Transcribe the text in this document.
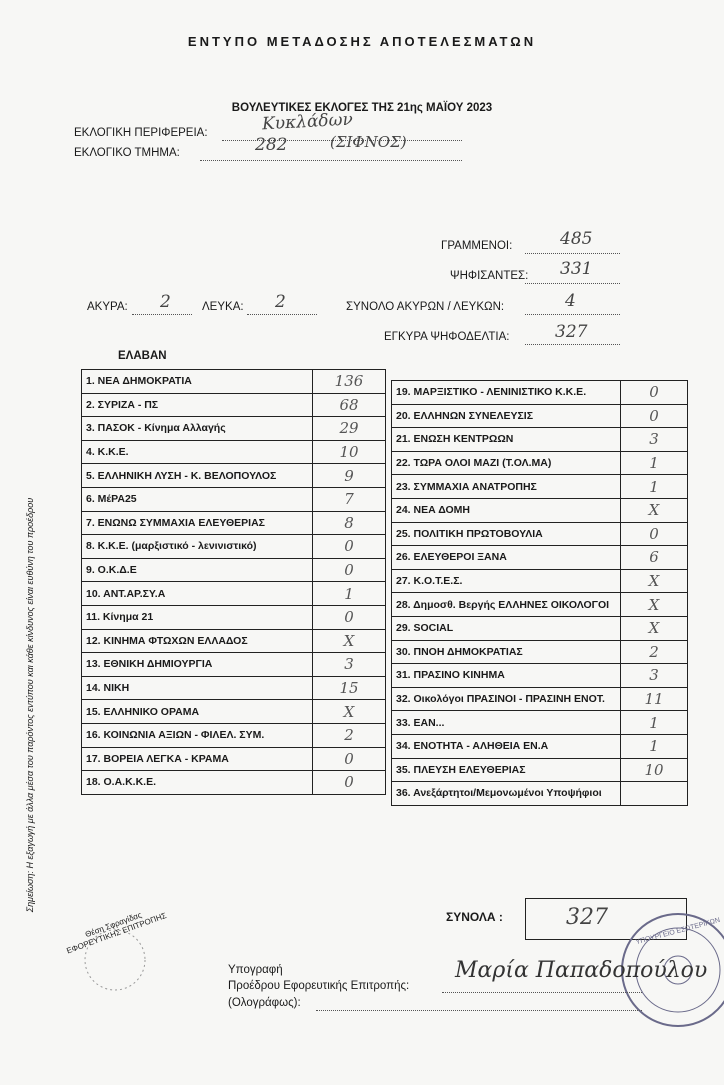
ΕΝΤΥΠΟ ΜΕΤΑΔΟΣΗΣ ΑΠΟΤΕΛΕΣΜΑΤΩΝ
ΒΟΥΛΕΥΤΙΚΕΣ ΕΚΛΟΓΕΣ ΤΗΣ 21ης ΜΑΪΟΥ 2023
ΕΚΛΟΓΙΚΗ ΠΕΡΙΦΕΡΕΙΑ:	Κυκλάδων
ΕΚΛΟΓΙΚΟ ΤΜΗΜΑ:	282	(ΣΙΦΝΟΣ)
ΓΡΑΜΜΕΝΟΙ:	485
ΨΗΦΙΣΑΝΤΕΣ: 331
ΑΚΥΡΑ: 2	ΛΕΥΚΑ: 2	ΣΥΝΟΛΟ ΑΚΥΡΩΝ / ΛΕΥΚΩΝ:	4
ΕΓΚΥΡΑ ΨΗΦΟΔΕΛΤΙΑ:	327
ΕΛΑΒΑΝ
1. ΝΕΑ ΔΗΜΟΚΡΑΤΙΑ	136
2. ΣΥΡΙΖΑ - ΠΣ	68
3. ΠΑΣΟΚ - Κίνημα Αλλαγής	29
4. Κ.Κ.Ε.	10
5. ΕΛΛΗΝΙΚΗ ΛΥΣΗ - Κ. ΒΕΛΟΠΟΥΛΟΣ	9
6. ΜέΡΑ25	7
7. ΕΝΩΝΩ ΣΥΜΜΑΧΙΑ ΕΛΕΥΘΕΡΙΑΣ	8
8. Κ.Κ.Ε. (μαρξιστικό - λενινιστικό)	0
9. Ο.Κ.Δ.Ε	0
10. ΑΝΤ.ΑΡ.ΣΥ.Α	1
11. Κίνημα 21	0
12. ΚΙΝΗΜΑ ΦΤΩΧΩΝ ΕΛΛΑΔΟΣ	X
13. ΕΘΝΙΚΗ ΔΗΜΙΟΥΡΓΙΑ	3
14. ΝΙΚΗ	15
15. ΕΛΛΗΝΙΚΟ ΟΡΑΜΑ	X
16. ΚΟΙΝΩΝΙΑ ΑΞΙΩΝ - ΦΙΛΕΛ. ΣΥΜ.	2
17. ΒΟΡΕΙΑ ΛΕΓΚΑ - ΚΡΑΜΑ	0
18. Ο.Α.Κ.Κ.Ε.	0
19. ΜΑΡΞΙΣΤΙΚΟ - ΛΕΝΙΝΙΣΤΙΚΟ Κ.Κ.Ε.	0
20. ΕΛΛΗΝΩΝ ΣΥΝΕΛΕΥΣΙΣ	0
21. ΕΝΩΣΗ ΚΕΝΤΡΩΩΝ	3
22. ΤΩΡΑ ΟΛΟΙ ΜΑΖΙ (Τ.ΟΛ.ΜΑ)	1
23. ΣΥΜΜΑΧΙΑ ΑΝΑΤΡΟΠΗΣ	1
24. ΝΕΑ ΔΟΜΗ	X
25. ΠΟΛΙΤΙΚΗ ΠΡΩΤΟΒΟΥΛΙΑ	0
26. ΕΛΕΥΘΕΡΟΙ ΞΑΝΑ	6
27. Κ.Ο.Τ.Ε.Σ.	X
28. Δημοσθ. Βεργής ΕΛΛΗΝΕΣ ΟΙΚΟΛΟΓΟΙ	X
29. SOCIAL	X
30. ΠΝΟΗ ΔΗΜΟΚΡΑΤΙΑΣ	2
31. ΠΡΑΣΙΝΟ ΚΙΝΗΜΑ	3
32. Οικολόγοι ΠΡΑΣΙΝΟΙ - ΠΡΑΣΙΝΗ ΕΝΟΤ.	11
33. ΕΑΝ...	1
34. ΕΝΟΤΗΤΑ - ΑΛΗΘΕΙΑ ΕΝ.Α	1
35. ΠΛΕΥΣΗ ΕΛΕΥΘΕΡΙΑΣ	10
36. Ανεξάρτητοι/Μεμονωμένοι Υποψήφιοι	
Σημείωση: Η εξαγωγή με άλλα μέσα του παρόντος εντύπου και κάθε κίνδυνος είναι ευθύνη του προέδρου
ΣΥΝΟΛΑ :	327
Θέση Σφραγίδας ΕΦΟΡΕΥΤΙΚΗΣ ΕΠΙΤΡΟΠΗΣ	ΥΠΟΥΡΓΕΙΟ ΕΣΩΤΕΡΙΚΩΝ
Υπογραφή
Προέδρου Εφορευτικής Επιτροπής:
(Ολογράφως):
Μαρία Παπαδοπούλου
